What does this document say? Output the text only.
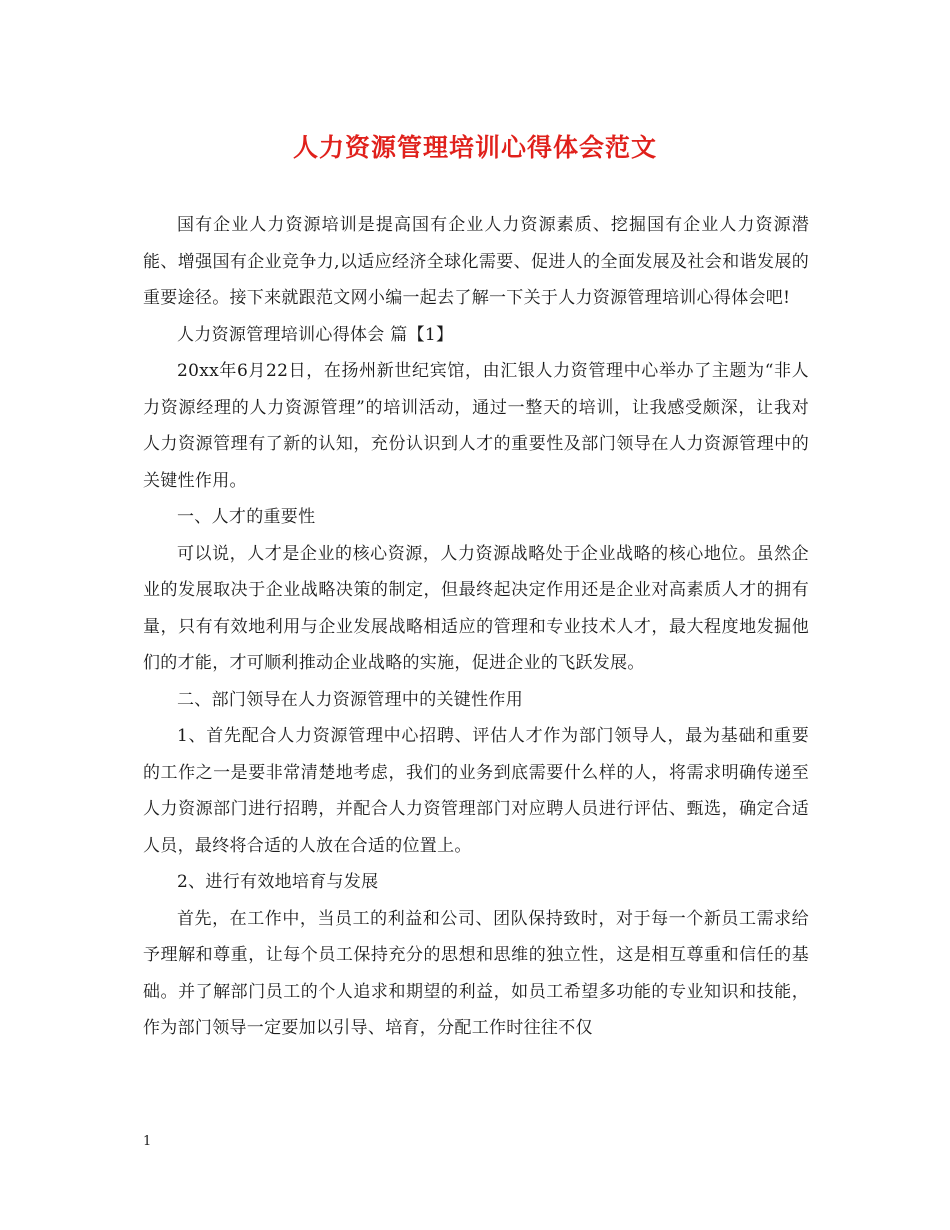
人力资源管理培训心得体会范文

国有企业人力资源培训是提高国有企业人力资源素质、挖掘国有企业人力资源潜能、增强国有企业竞争力,以适应经济全球化需要、促进人的全面发展及社会和谐发展的重要途径。接下来就跟范文网小编一起去了解一下关于人力资源管理培训心得体会吧!

人力资源管理培训心得体会 篇【1】

20xx年6月22日，在扬州新世纪宾馆，由汇银人力资管理中心举办了主题为“非人力资源经理的人力资源管理”的培训活动，通过一整天的培训，让我感受颇深，让我对人力资源管理有了新的认知，充份认识到人才的重要性及部门领导在人力资源管理中的关键性作用。

一、人才的重要性

可以说，人才是企业的核心资源，人力资源战略处于企业战略的核心地位。虽然企业的发展取决于企业战略决策的制定，但最终起决定作用还是企业对高素质人才的拥有量，只有有效地利用与企业发展战略相适应的管理和专业技术人才，最大程度地发掘他们的才能，才可顺利推动企业战略的实施，促进企业的飞跃发展。

二、部门领导在人力资源管理中的关键性作用

1、首先配合人力资源管理中心招聘、评估人才作为部门领导人，最为基础和重要的工作之一是要非常清楚地考虑，我们的业务到底需要什么样的人，将需求明确传递至人力资源部门进行招聘，并配合人力资管理部门对应聘人员进行评估、甄选，确定合适人员，最终将合适的人放在合适的位置上。

2、进行有效地培育与发展

首先，在工作中，当员工的利益和公司、团队保持致时，对于每一个新员工需求给予理解和尊重，让每个员工保持充分的思想和思维的独立性，这是相互尊重和信任的基础。并了解部门员工的个人追求和期望的利益，如员工希望多功能的专业知识和技能，作为部门领导一定要加以引导、培育，分配工作时往往不仅

1
